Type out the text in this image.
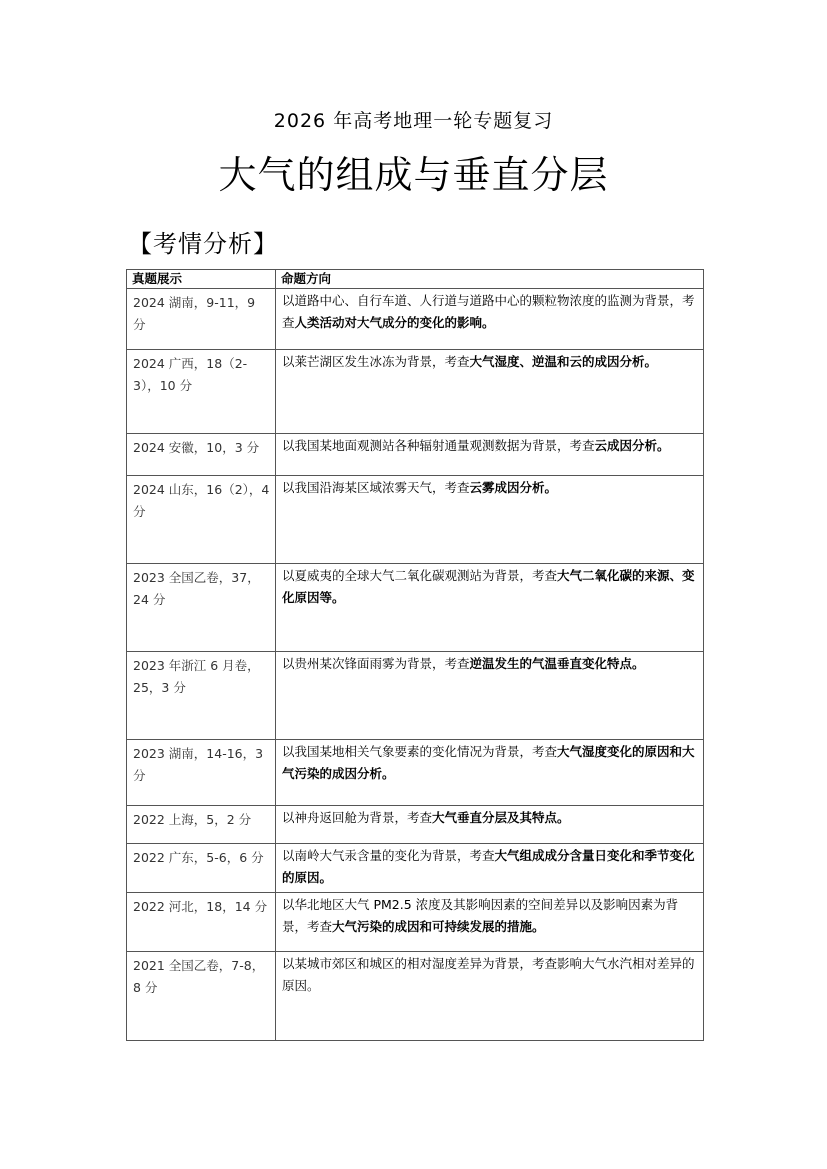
2026 年高考地理一轮专题复习
大气的组成与垂直分层
【考情分析】
真题展示	命题方向
2024 湖南，9-11，9 分	以道路中心、自行车道、人行道与道路中心的颗粒物浓度的监测为背景，考查人类活动对大气成分的变化的影响。
2024 广西，18（2-3），10 分	以莱芒湖区发生冰冻为背景，考查大气湿度、逆温和云的成因分析。
2024 安徽，10，3 分	以我国某地面观测站各种辐射通量观测数据为背景，考查云成因分析。
2024 山东，16（2），4 分	以我国沿海某区域浓雾天气，考查云雾成因分析。
2023 全国乙卷，37，24 分	以夏威夷的全球大气二氧化碳观测站为背景，考查大气二氧化碳的来源、变化原因等。
2023 年浙江 6 月卷，25，3 分	以贵州某次锋面雨雾为背景，考查逆温发生的气温垂直变化特点。
2023 湖南，14-16，3 分	以我国某地相关气象要素的变化情况为背景，考查大气湿度变化的原因和大气污染的成因分析。
2022 上海，5，2 分	以神舟返回舱为背景，考查大气垂直分层及其特点。
2022 广东，5-6，6 分	以南岭大气汞含量的变化为背景，考查大气组成成分含量日变化和季节变化的原因。
2022 河北，18，14 分	以华北地区大气 PM2.5 浓度及其影响因素的空间差异以及影响因素为背景，考查大气污染的成因和可持续发展的措施。
2021 全国乙卷，7-8，8 分	以某城市郊区和城区的相对湿度差异为背景，考查影响大气水汽相对差异的原因。
